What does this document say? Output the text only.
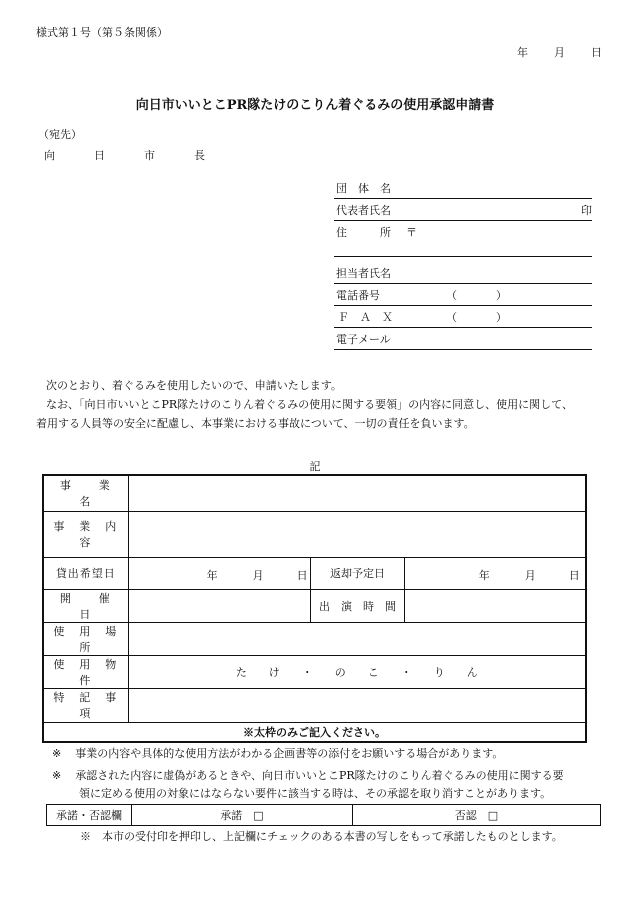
様式第１号（第５条関係）
年 月 日
向日市いいとこPR隊たけのこりん着ぐるみの使用承認申請書
（宛先）
向　日　市　長
団　体　名
代表者氏名	印
住　　　所 〒
担当者氏名
電話番号	（	）
Ｆ　Ａ　Ｘ	（	）
電子メール
次のとおり、着ぐるみを使用したいので、申請いたします。
なお、「向日市いいとこPR隊たけのこりん着ぐるみの使用に関する要領」の内容に同意し、使用に関して、
着用する人員等の安全に配慮し、本事業における事故について、一切の責任を負います。
記
事　　業　　名			
事　業　内　容			
貸出希望日	年 月 日	返却予定日	年 月 日

開　　催　　日		出　演　時　間	
使　用　場　所			
使　用　物　件	た　　け　　・　　の　　こ　　・　　り　　ん		
特　記　事　項			
※太枠のみご記入ください。			
※ 事業の内容や具体的な使用方法がわかる企画書等の添付をお願いする場合があります。
※ 承認された内容に虚偽があるときや、向日市いいとこPR隊たけのこりん着ぐるみの使用に関する要
領に定める使用の対象にはならない要件に該当する時は、その承認を取り消すことがあります。
承諾・否認欄	承諾　□	否認　□
※　本市の受付印を押印し、上記欄にチェックのある本書の写しをもって承諾したものとします。
